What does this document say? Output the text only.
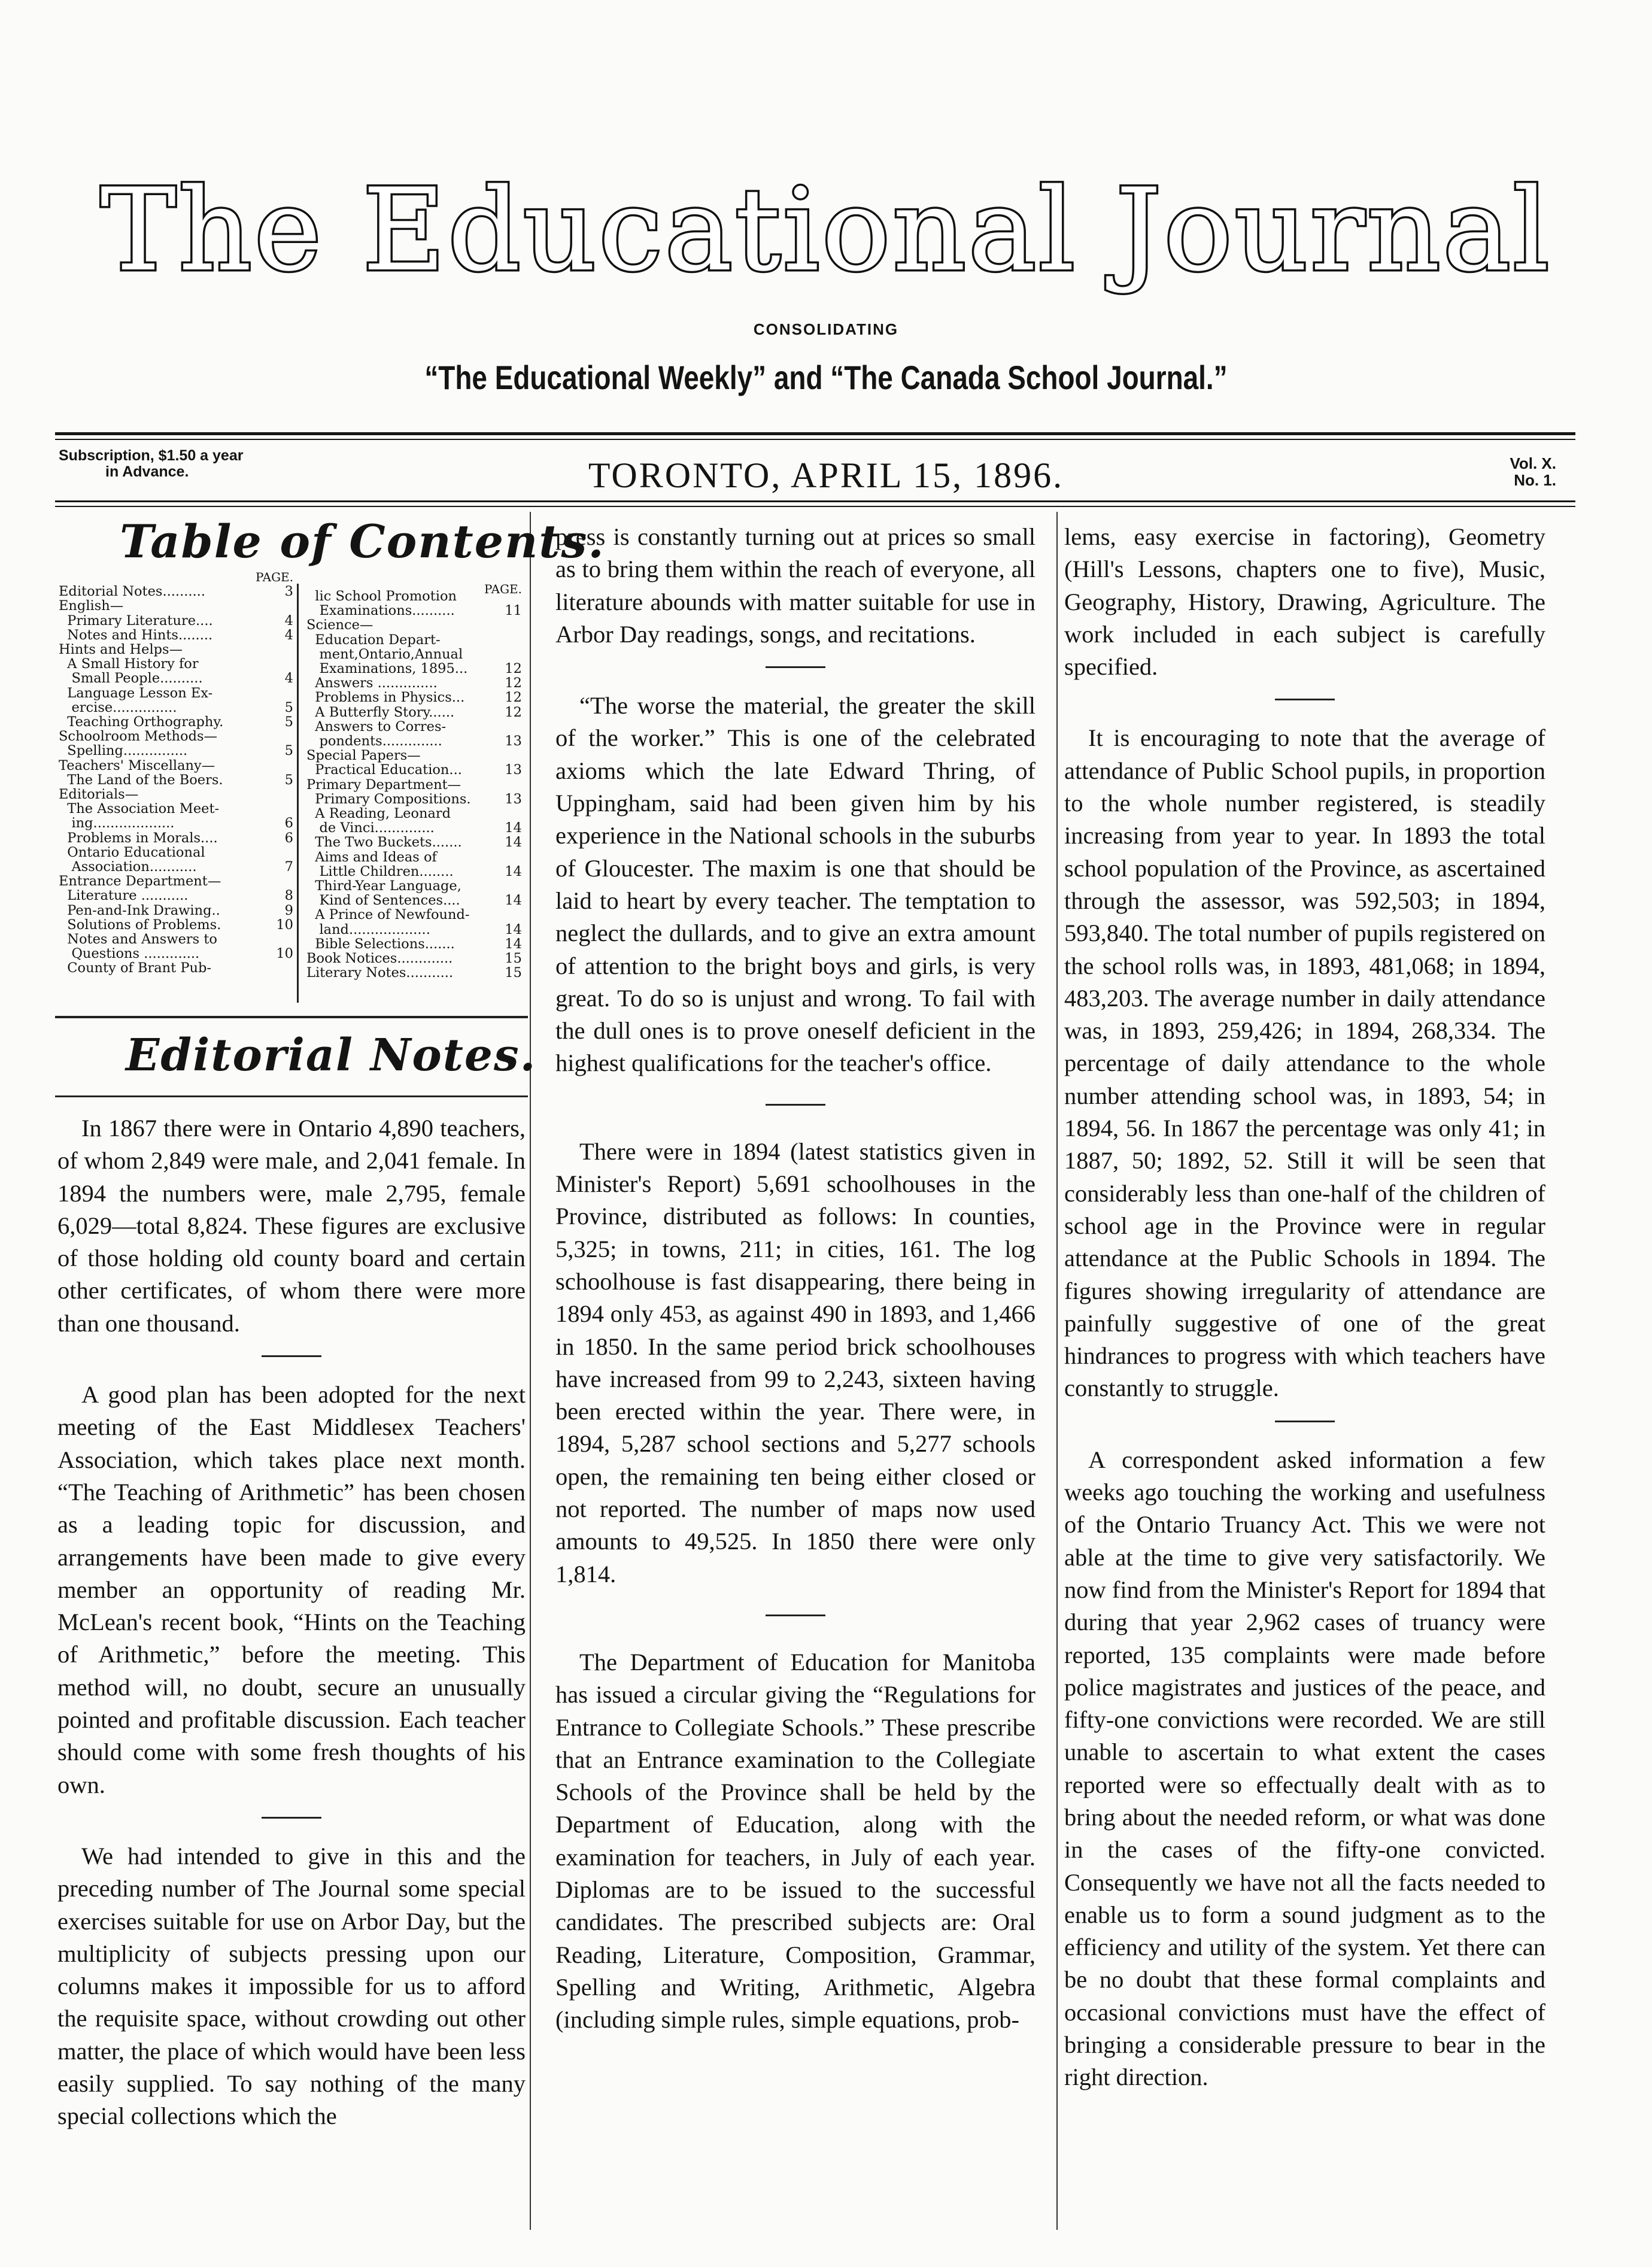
The Educational Journal
CONSOLIDATING
“The Educational Weekly” and “The Canada School Journal.”
Subscription, $1.50 a year
in Advance.	TORONTO, APRIL 15, 1896.	Vol. X.
No. 1.
Table of Contents.
PAGE.
Editorial Notes..........	3
English—
Primary Literature....	4
Notes and Hints........	4
Hints and Helps—
A Small History for
Small People..........	4
Language Lesson Ex-
ercise...............	5
Teaching Orthography.	5
Schoolroom Methods—
Spelling...............	5
Teachers' Miscellany—
The Land of the Boers.	5
Editorials—
The Association Meet-
ing...................	6
Problems in Morals....	6
Ontario Educational
Association...........	7
Entrance Department—
Literature ...........	8
Pen-and-Ink Drawing..	9
Solutions of Problems.	10
Notes and Answers to
Questions .............	10
County of Brant Pub-
PAGE.
lic School Promotion
Examinations..........	11
Science—
Education Depart-
ment,Ontario,Annual
Examinations, 1895...	12
Answers ..............	12
Problems in Physics...	12
A Butterfly Story......	12
Answers to Corres-
pondents..............	13
Special Papers—
Practical Education...	13
Primary Department—
Primary Compositions.	13
A Reading, Leonard
de Vinci..............	14
The Two Buckets.......	14
Aims and Ideas of
Little Children........	14
Third-Year Language,
Kind of Sentences....	14
A Prince of Newfound-
land...................	14
Bible Selections.......	14
Book Notices.............	15
Literary Notes...........	15
Editorial Notes.

In 1867 there were in Ontario 4,890 teachers, of whom 2,849 were male, and 2,041 female. In 1894 the numbers were, male 2,795, female 6,029—total 8,824. These figures are exclusive of those holding old county board and certain other certificates, of whom there were more than one thousand.

A good plan has been adopted for the next meeting of the East Middlesex Teachers' Association, which takes place next month. “The Teaching of Arithmetic” has been chosen as a leading topic for discussion, and arrangements have been made to give every member an opportunity of reading Mr. McLean's recent book, “Hints on the Teaching of Arithmetic,” before the meeting. This method will, no doubt, secure an unusually pointed and profitable discussion. Each teacher should come with some fresh thoughts of his own.

We had intended to give in this and the preceding number of The Journal some special exercises suitable for use on Arbor Day, but the multiplicity of subjects pressing upon our columns makes it impossible for us to afford the requisite space, without crowding out other matter, the place of which would have been less easily supplied. To say nothing of the many special collections which the

press is constantly turning out at prices so small as to bring them within the reach of everyone, all literature abounds with matter suitable for use in Arbor Day readings, songs, and recitations.

“The worse the material, the greater the skill of the worker.” This is one of the celebrated axioms which the late Edward Thring, of Uppingham, said had been given him by his experience in the National schools in the suburbs of Gloucester. The maxim is one that should be laid to heart by every teacher. The temptation to neglect the dullards, and to give an extra amount of attention to the bright boys and girls, is very great. To do so is unjust and wrong. To fail with the dull ones is to prove oneself deficient in the highest qualifications for the teacher's office.

There were in 1894 (latest statistics given in Minister's Report) 5,691 schoolhouses in the Province, distributed as follows: In counties, 5,325; in towns, 211; in cities, 161. The log schoolhouse is fast disappearing, there being in 1894 only 453, as against 490 in 1893, and 1,466 in 1850. In the same period brick schoolhouses have increased from 99 to 2,243, sixteen having been erected within the year. There were, in 1894, 5,287 school sections and 5,277 schools open, the remaining ten being either closed or not reported. The number of maps now used amounts to 49,525. In 1850 there were only 1,814.

The Department of Education for Manitoba has issued a circular giving the “Regulations for Entrance to Collegiate Schools.” These prescribe that an Entrance examination to the Collegiate Schools of the Province shall be held by the Department of Education, along with the examination for teachers, in July of each year. Diplomas are to be issued to the successful candidates. The prescribed subjects are: Oral Reading, Literature, Composition, Grammar, Spelling and Writing, Arithmetic, Algebra (including simple rules, simple equations, prob-

lems, easy exercise in factoring), Geometry (Hill's Lessons, chapters one to five), Music, Geography, History, Drawing, Agriculture. The work included in each subject is carefully specified.

It is encouraging to note that the average of attendance of Public School pupils, in proportion to the whole number registered, is steadily increasing from year to year. In 1893 the total school population of the Province, as ascertained through the assessor, was 592,503; in 1894, 593,840. The total number of pupils registered on the school rolls was, in 1893, 481,068; in 1894, 483,203. The average number in daily attendance was, in 1893, 259,426; in 1894, 268,334. The percentage of daily attendance to the whole number attending school was, in 1893, 54; in 1894, 56. In 1867 the percentage was only 41; in 1887, 50; 1892, 52. Still it will be seen that considerably less than one-half of the children of school age in the Province were in regular attendance at the Public Schools in 1894. The figures showing irregularity of attendance are painfully suggestive of one of the great hindrances to progress with which teachers have constantly to struggle.

A correspondent asked information a few weeks ago touching the working and usefulness of the Ontario Truancy Act. This we were not able at the time to give very satisfactorily. We now find from the Minister's Report for 1894 that during that year 2,962 cases of truancy were reported, 135 complaints were made before police magistrates and justices of the peace, and fifty-one convictions were recorded. We are still unable to ascertain to what extent the cases reported were so effectually dealt with as to bring about the needed reform, or what was done in the cases of the fifty-one convicted. Consequently we have not all the facts needed to enable us to form a sound judgment as to the efficiency and utility of the system. Yet there can be no doubt that these formal complaints and occasional convictions must have the effect of bringing a considerable pressure to bear in the right direction.
